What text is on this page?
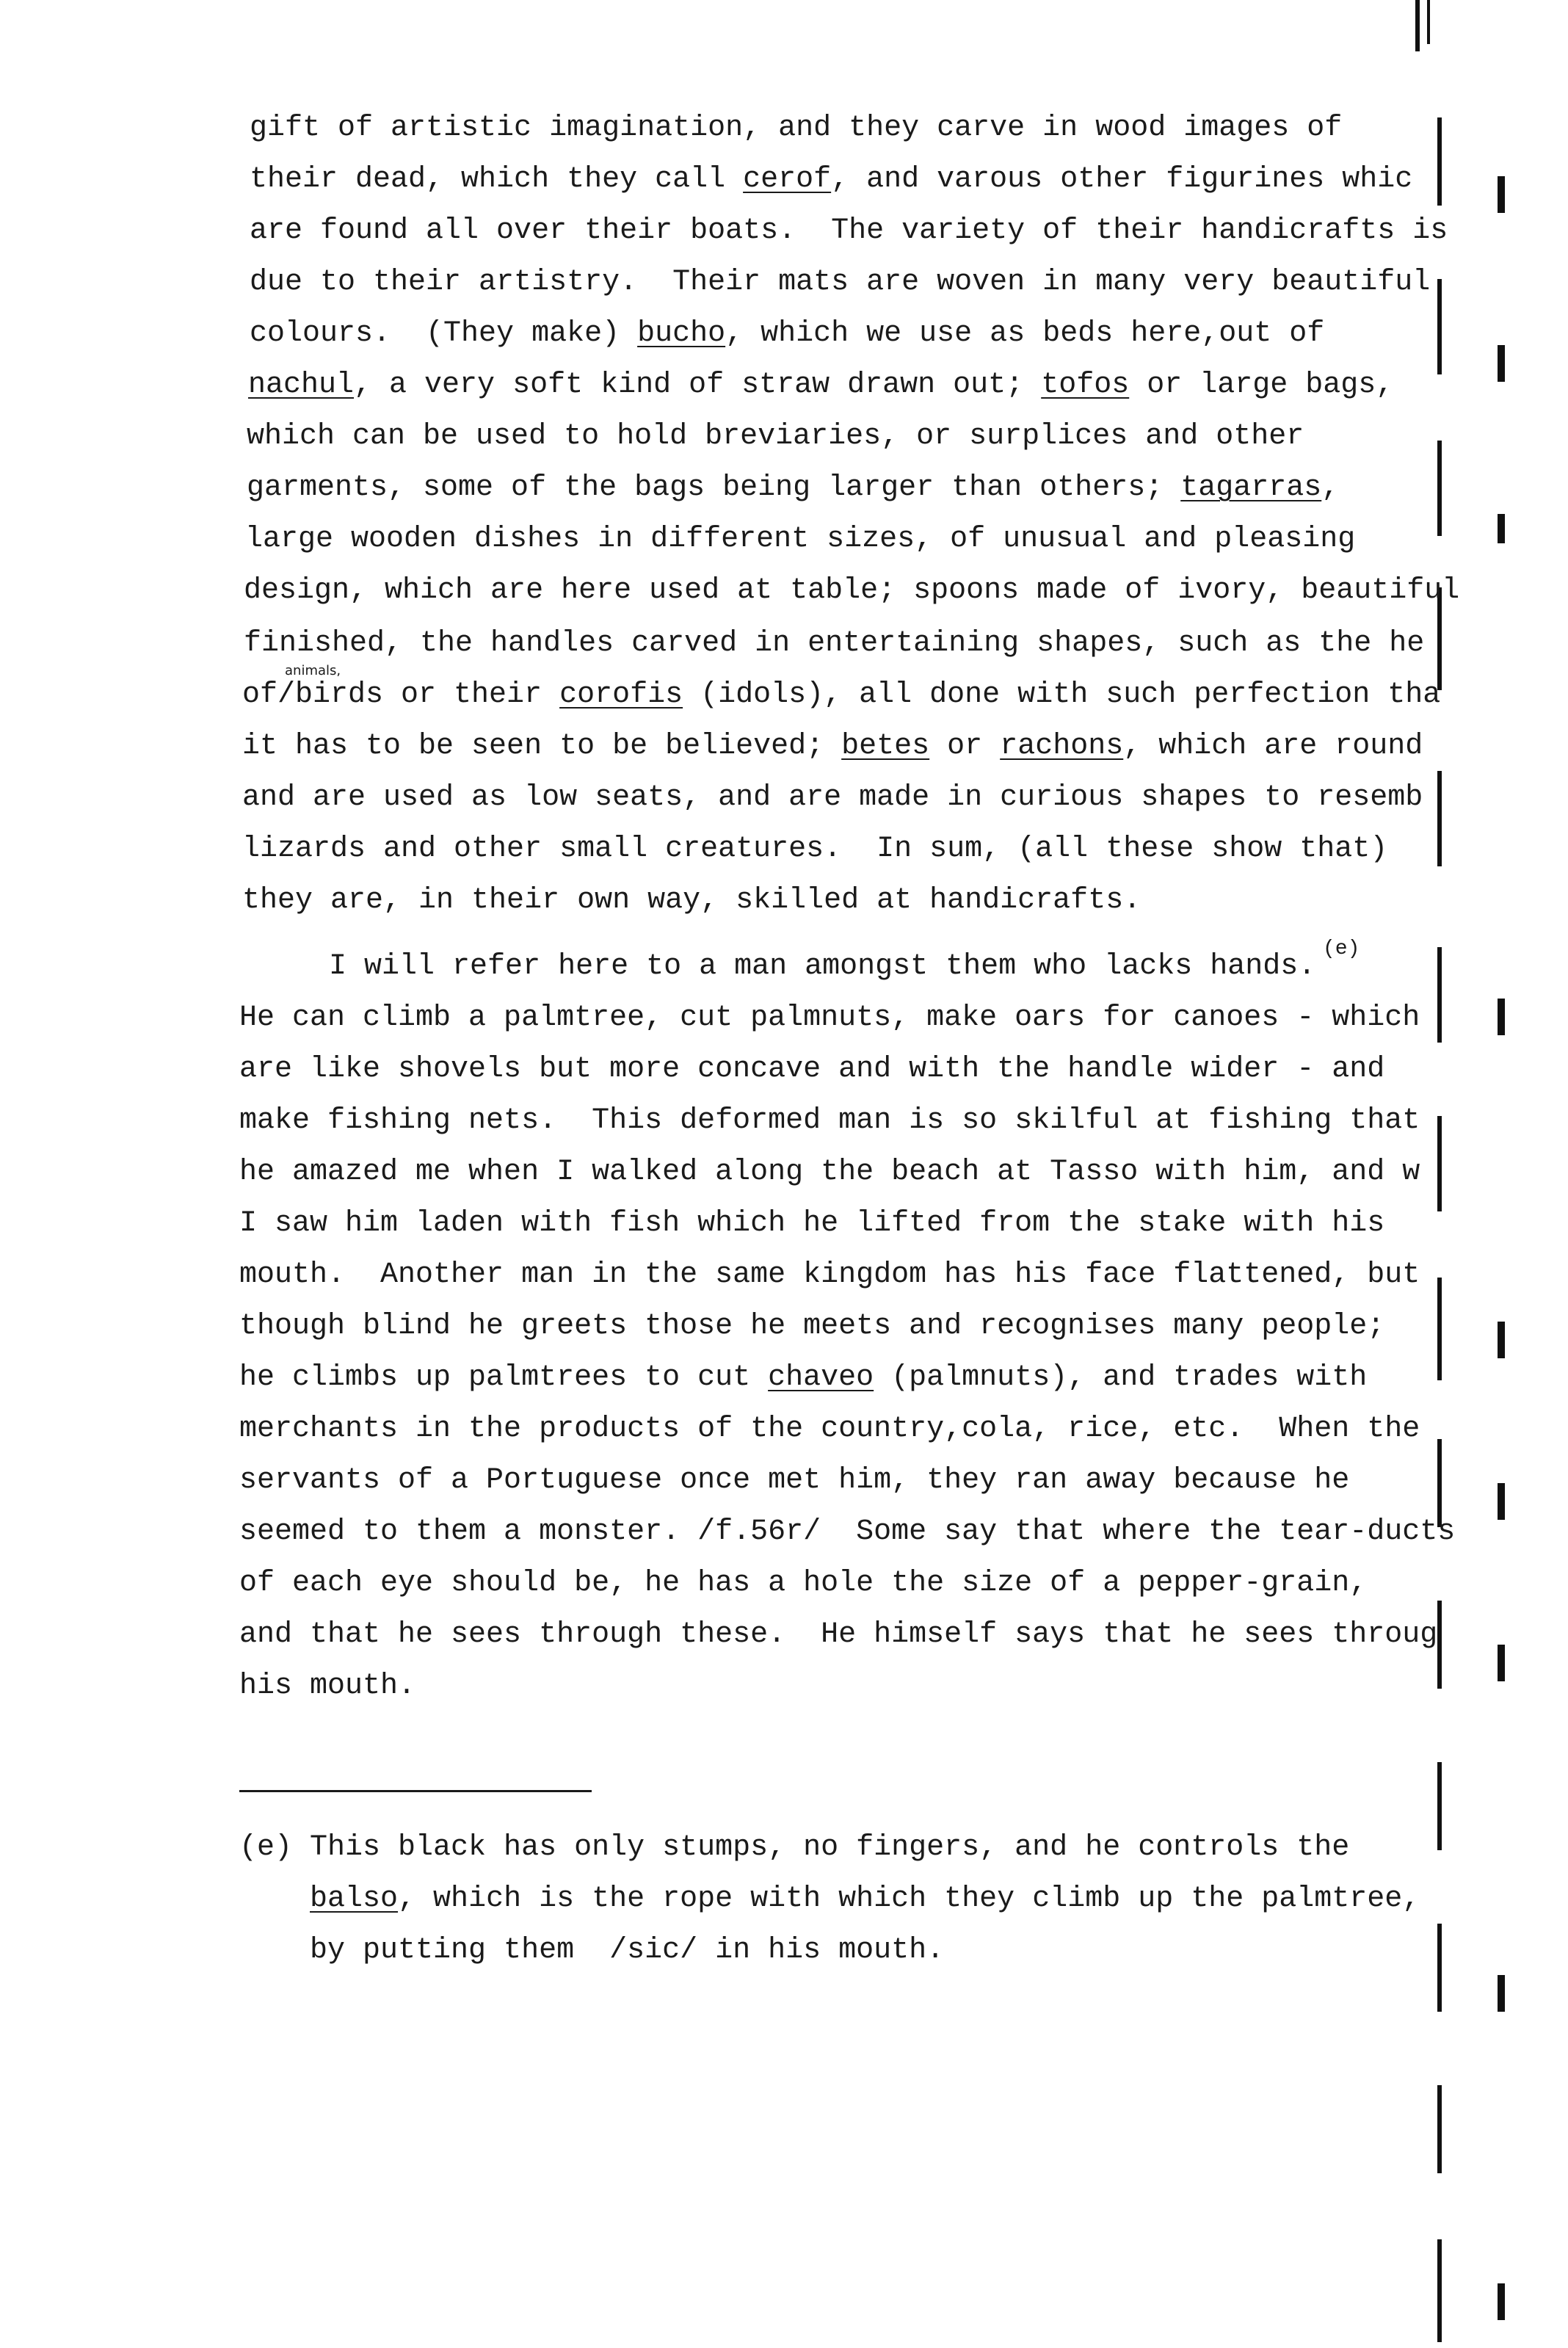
gift of artistic imagination, and they carve in wood images of
their dead, which they call cerof, and varous other figurines whic
are found all over their boats.  The variety of their handicrafts is
due to their artistry.  Their mats are woven in many very beautiful
colours.  (They make) bucho, which we use as beds here,out of
nachul, a very soft kind of straw drawn out; tofos or large bags,
which can be used to hold breviaries, or surplices and other
garments, some of the bags being larger than others; tagarras,
large wooden dishes in different sizes, of unusual and pleasing
design, which are here used at table; spoons made of ivory, beautiful
finished, the handles carved in entertaining shapes, such as the he
animals,
of/birds or their corofis (idols), all done with such perfection tha
it has to be seen to be believed; betes or rachons, which are round
and are used as low seats, and are made in curious shapes to resemb
lizards and other small creatures.  In sum, (all these show that)
they are, in their own way, skilled at handicrafts.
I will refer here to a man amongst them who lacks hands.
(e)
He can climb a palmtree, cut palmnuts, make oars for canoes - which
are like shovels but more concave and with the handle wider - and
make fishing nets.  This deformed man is so skilful at fishing that
he amazed me when I walked along the beach at Tasso with him, and w
I saw him laden with fish which he lifted from the stake with his
mouth.  Another man in the same kingdom has his face flattened, but
though blind he greets those he meets and recognises many people;
he climbs up palmtrees to cut chaveo (palmnuts), and trades with
merchants in the products of the country,cola, rice, etc.  When the
servants of a Portuguese once met him, they ran away because he
seemed to them a monster. /f.56r/  Some say that where the tear-ducts
of each eye should be, he has a hole the size of a pepper-grain,
and that he sees through these.  He himself says that he sees throug
his mouth.
(e) This black has only stumps, no fingers, and he controls the
balso, which is the rope with which they climb up the palmtree,
by putting them  /sic/ in his mouth.
